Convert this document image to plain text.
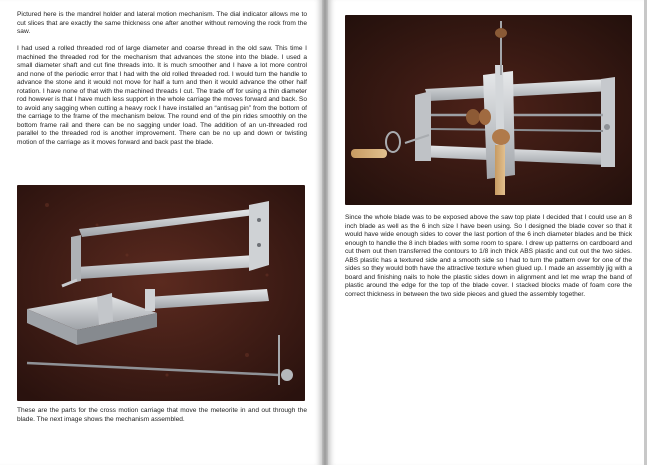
Pictured here is the mandrel holder and lateral motion mechanism. The dial indicator allows me to cut slices that are exactly the same thickness one after another without removing the rock from the saw.

I had used a rolled threaded rod of large diameter and coarse thread in the old saw. This time I machined the threaded rod for the mechanism that advances the stone into the blade. I used a small diameter shaft and cut fine threads into. It is much smoother and I have a lot more control and none of the periodic error that I had with the old rolled threaded rod. I would turn the handle to advance the stone and it would not move for half a turn and then it would advance the other half rotation. I have none of that with the machined threads I cut. The trade off for using a thin diameter rod however is that I have much less support in the whole carriage the moves forward and back. So to avoid any sagging when cutting a heavy rock I have installed an “antisag pin” from the bottom of the carriage to the frame of the mechanism below. The round end of the pin rides smoothly on the bottom frame rail and there can be no sagging under load. The addition of an un-threaded rod parallel to the threaded rod is another improvement. There can be no up and down or twisting motion of the carriage as it moves forward and back past the blade.

These are the parts for the cross motion carriage that move the meteorite in and out through the blade. The next image shows the mechanism assembled.

Since the whole blade was to be exposed above the saw top plate I decided that I could use an 8 inch blade as well as the 6 inch size I have been using. So I designed the blade cover so that it would have wide enough sides to cover the last portion of the 6 inch diameter blades and be thick enough to handle the 8 inch blades with some room to spare. I drew up patterns on cardboard and cut them out then transferred the contours to 1/8 inch thick ABS plastic and cut out the two sides. ABS plastic has a textured side and a smooth side so I had to turn the pattern over for one of the sides so they would both have the attractive texture when glued up. I made an assembly jig with a board and finishing nails to hole the plastic sides down in alignment and let me wrap the band of plastic around the edge for the top of the blade cover. I stacked blocks made of foam core the correct thickness in between the two side pieces and glued the assembly together.
